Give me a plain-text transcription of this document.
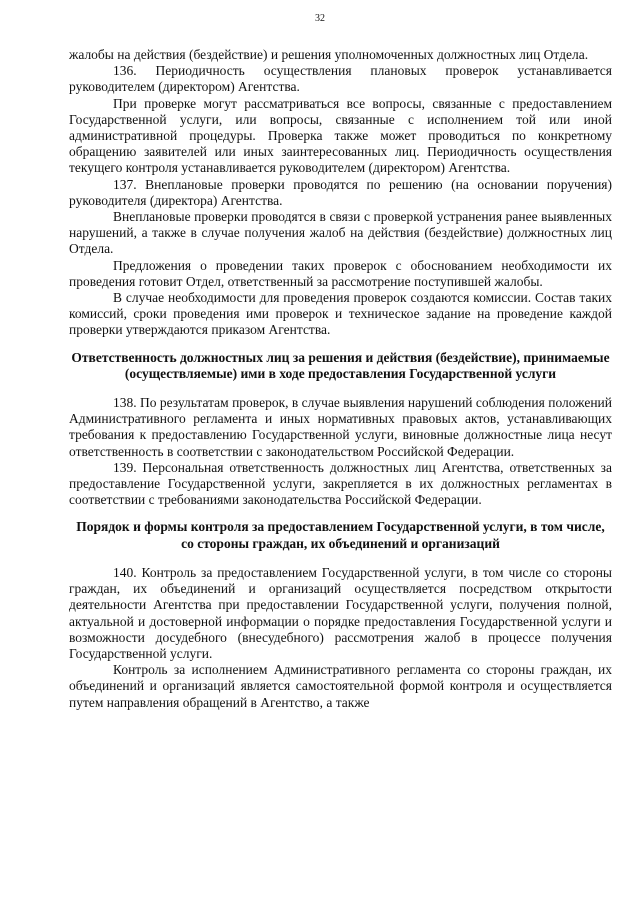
32

жалобы на действия (бездействие) и решения уполномоченных должностных лиц Отдела.

136. Периодичность осуществления плановых проверок устанавливается руководителем (директором) Агентства.

При проверке могут рассматриваться все вопросы, связанные с предоставлением Государственной услуги, или вопросы, связанные с исполнением той или иной административной процедуры. Проверка также может проводиться по конкретному обращению заявителей или иных заинтересованных лиц. Периодичность осуществления текущего контроля устанавливается руководителем (директором) Агентства.

137. Внеплановые проверки проводятся по решению (на основании поручения) руководителя (директора) Агентства.

Внеплановые проверки проводятся в связи с проверкой устранения ранее выявленных нарушений, а также в случае получения жалоб на действия (бездействие) должностных лиц Отдела.

Предложения о проведении таких проверок с обоснованием необходимости их проведения готовит Отдел, ответственный за рассмотрение поступившей жалобы.

В случае необходимости для проведения проверок создаются комиссии. Состав таких комиссий, сроки проведения ими проверок и техническое задание на проведение каждой проверки утверждаются приказом Агентства.

Ответственность должностных лиц за решения и действия (бездействие), принимаемые (осуществляемые) ими в ходе предоставления Государственной услуги

138. По результатам проверок, в случае выявления нарушений соблюдения положений Административного регламента и иных нормативных правовых актов, устанавливающих требования к предоставлению Государственной услуги, виновные должностные лица несут ответственность в соответствии с законодательством Российской Федерации.

139. Персональная ответственность должностных лиц Агентства, ответственных за предоставление Государственной услуги, закрепляется в их должностных регламентах в соответствии с требованиями законодательства Российской Федерации.

Порядок и формы контроля за предоставлением Государственной услуги, в том числе, со стороны граждан, их объединений и организаций

140. Контроль за предоставлением Государственной услуги, в том числе со стороны граждан, их объединений и организаций осуществляется посредством открытости деятельности Агентства при предоставлении Государственной услуги, получения полной, актуальной и достоверной информации о порядке предоставления Государственной услуги и возможности досудебного (внесудебного) рассмотрения жалоб в процессе получения Государственной услуги.

Контроль за исполнением Административного регламента со стороны граждан, их объединений и организаций является самостоятельной формой контроля и осуществляется путем направления обращений в Агентство, а также
